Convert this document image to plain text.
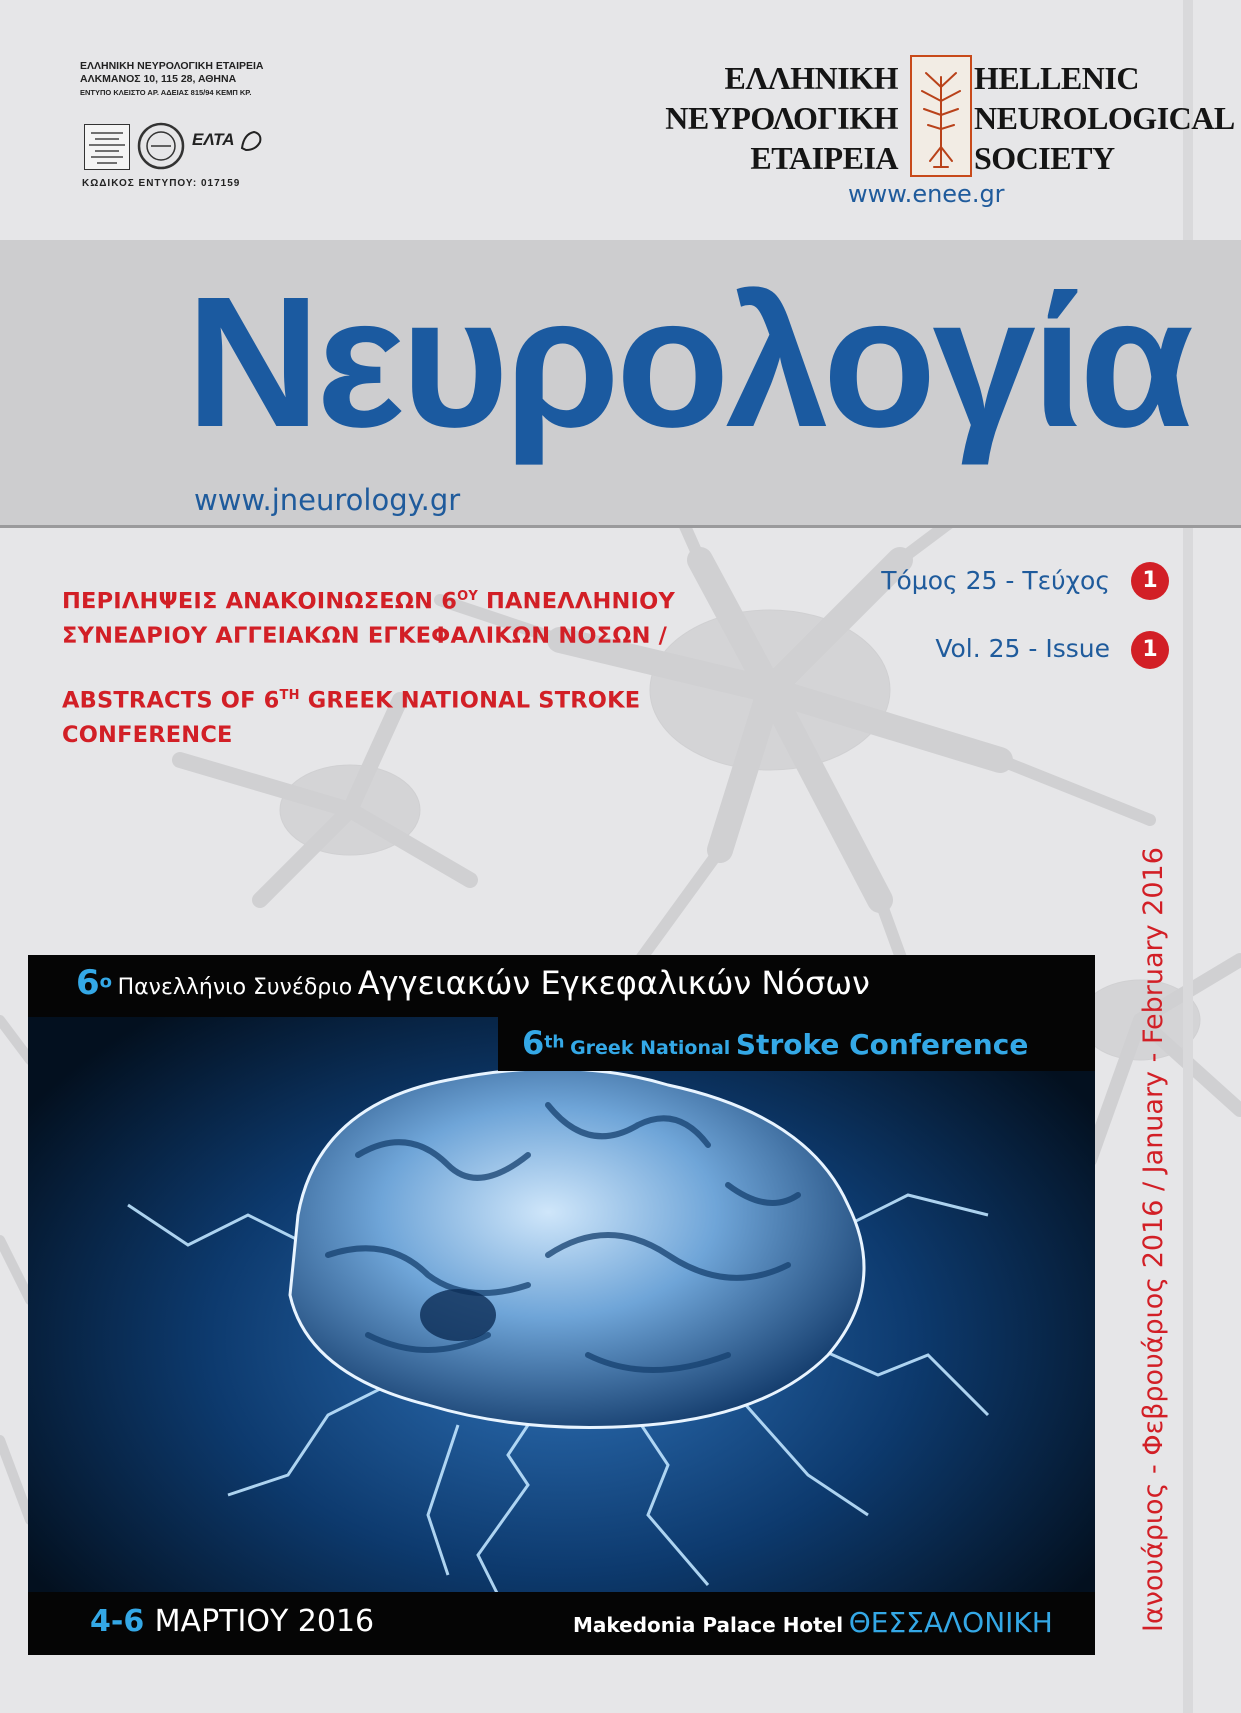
ΕΛΛΗΝΙΚΗ ΝΕΥΡΟΛΟΓΙΚΗ ΕΤΑΙΡΕΙΑ
ΑΛΚΜΑΝΟΣ 10, 115 28, ΑΘΗΝΑ
ΕΝΤΥΠΟ ΚΛΕΙΣΤΟ ΑΡ. ΑΔΕΙΑΣ 815/94 ΚΕΜΠ ΚΡ.
ΕΛΤΑ
ΚΩΔΙΚΟΣ ΕΝΤΥΠΟΥ: 017159
ΕΛΛΗΝΙΚΗ
ΝΕΥΡΟΛΟΓΙΚΗ
ΕΤΑΙΡΕΙΑ
HELLENIC
NEUROLOGICAL
SOCIETY
www.enee.gr
Νευρολογία
www.jneurology.gr
ΠΕΡΙΛΗΨΕΙΣ ΑΝΑΚΟΙΝΩΣΕΩΝ $6^{O\Upsilon}$ ΠΑΝΕΛΛΗΝΙΟΥ
ΣΥΝΕΔΡΙΟΥ ΑΓΓΕΙΑΚΩΝ ΕΓΚΕΦΑΛΙΚΩΝ ΝΟΣΩΝ /
ABSTRACTS OF 6TH GREEK NATIONAL STROKE
CONFERENCE
Τόμος 25 - Τεύχος	1
Vol. 25 - Issue	1
Ιανουάριος - Φεβρουάριος 2016 / January - February 2016
$6^o$ Πανελλήνιο Συνέδριο Αγγειακών Εγκεφαλικών Νόσων
6th Greek National Stroke Conference
4-6 ΜΑΡΤΙΟΥ 2016	Makedonia Palace Hotel ΘΕΣΣΑΛΟΝΙΚΗ
